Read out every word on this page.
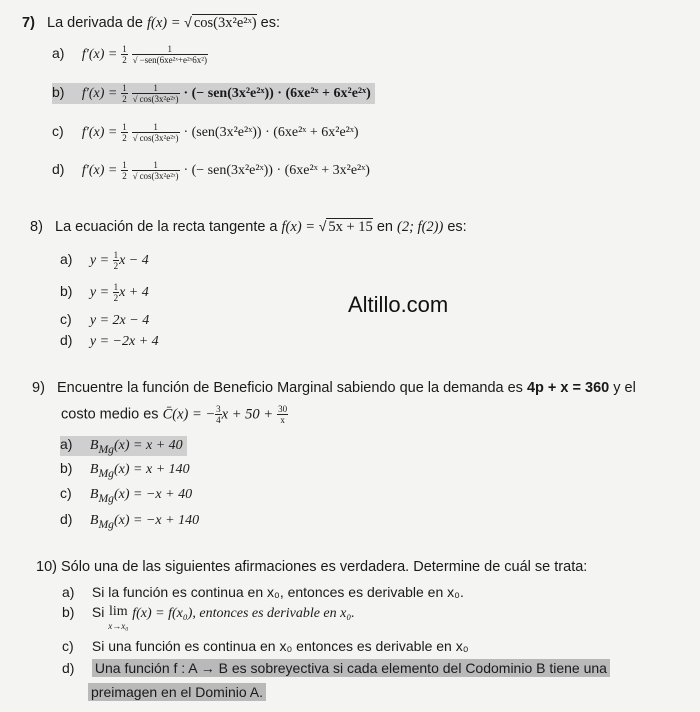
Altillo.com
7) La derivada de f(x) = √ cos(3x²e²ˣ) es:
a) $f'(x) = \frac{1}{2}$
$\frac{1}{\text{√ −sen(6xe²ˣ+e²ˣ6x²)}}$
b) $f'(x) = \frac{1}{2}$
$\frac{1}{\text{√ cos(3x²e²ˣ)}}$ · (− sen(3x²e²ˣ)) · (6xe²ˣ + 6x²e²ˣ)
c) $f'(x) = \frac{1}{2}$
$\frac{1}{\text{√ cos(3x²e²ˣ)}}$ · (sen(3x²e²ˣ)) · (6xe²ˣ + 6x²e²ˣ)
d) $f'(x) = \frac{1}{2}$
$\frac{1}{\text{√ cos(3x²e²ˣ)}}$ · (− sen(3x²e²ˣ)) · (6xe²ˣ + 3x²e²ˣ)
8) La ecuación de la recta tangente a f(x) = √ 5x + 15 en (2; f(2)) es:
a) $y = \frac{1}{2}$ x − 4
b) $y = \frac{1}{2}$ x + 4
c) y = 2x − 4
d) y = −2x + 4
9) Encuentre la función de Beneficio Marginal sabiendo que la demanda es 4p + x = 360 y el
costo medio es C̄(x) = − $\frac{3}{4}$ $x + 50 + \frac{30}{x}$
a) $B_{Mg}(x) = x + 40$
b) $B_{Mg}(x) = x + 140$
c) $B_{Mg}(x) = -x + 40$
d) $B_{Mg}(x) = -x + 140$
10) Sólo una de las siguientes afirmaciones es verdadera. Determine de cuál se trata:
a) Si la función es continua en x₀, entonces es derivable en x₀.
b) Si lim
x→x₀ f(x) = f(x₀), entonces es derivable en x₀.
c) Si una función es continua en x₀ entonces es derivable en x₀
d) Una función f : A → B es sobreyectiva si cada elemento del Codominio B tiene una
preimagen en el Dominio A.
